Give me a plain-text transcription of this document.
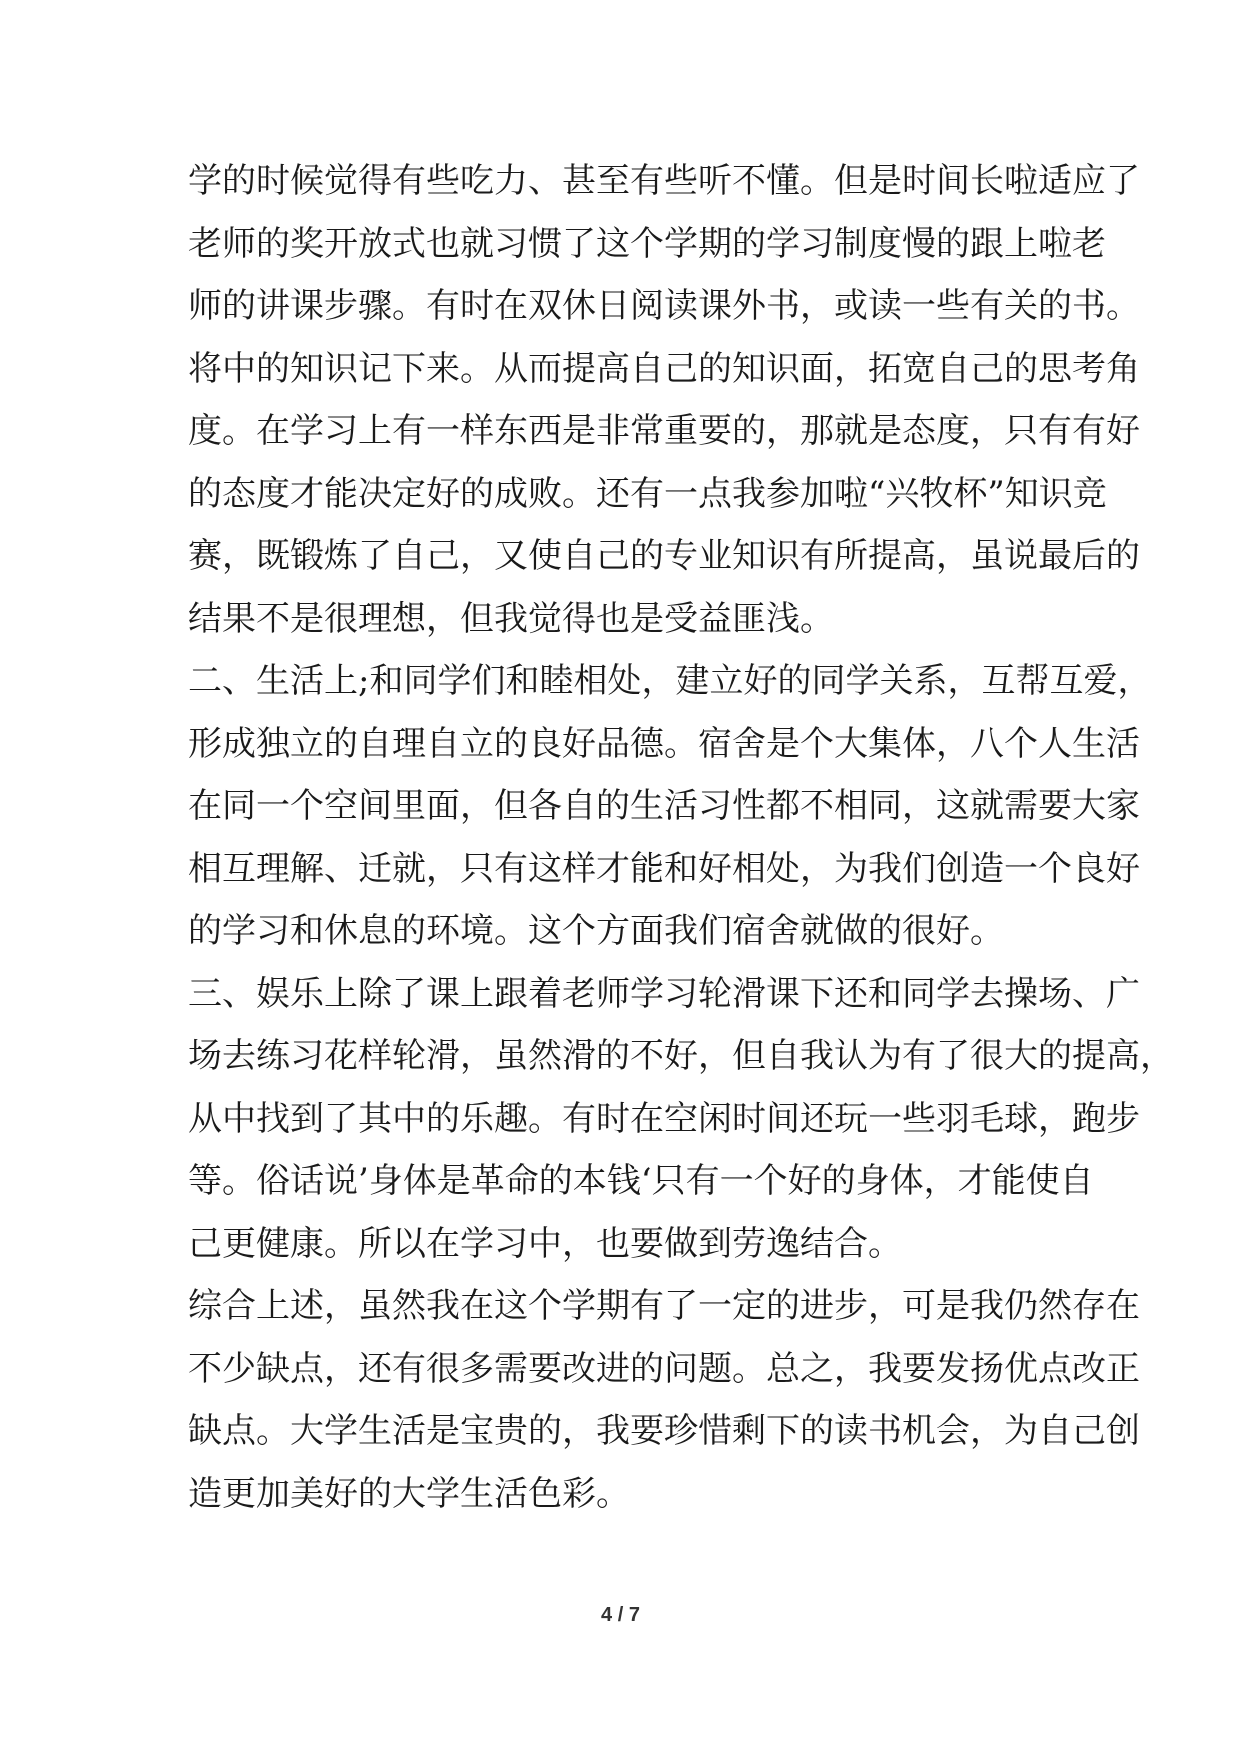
学的时候觉得有些吃力、甚至有些听不懂。但是时间长啦适应了
老师的奖开放式也就习惯了这个学期的学习制度慢的跟上啦老
师的讲课步骤。有时在双休日阅读课外书，或读一些有关的书。
将中的知识记下来。从而提高自己的知识面，拓宽自己的思考角
度。在学习上有一样东西是非常重要的，那就是态度，只有有好
的态度才能决定好的成败。还有一点我参加啦“兴牧杯”知识竞
赛，既锻炼了自己，又使自己的专业知识有所提高，虽说最后的
结果不是很理想，但我觉得也是受益匪浅。
二、生活上;和同学们和睦相处，建立好的同学关系，互帮互爱，
形成独立的自理自立的良好品德。宿舍是个大集体，八个人生活
在同一个空间里面，但各自的生活习性都不相同，这就需要大家
相互理解、迁就，只有这样才能和好相处，为我们创造一个良好
的学习和休息的环境。这个方面我们宿舍就做的很好。
三、娱乐上除了课上跟着老师学习轮滑课下还和同学去操场、广
场去练习花样轮滑，虽然滑的不好，但自我认为有了很大的提高，
从中找到了其中的乐趣。有时在空闲时间还玩一些羽毛球，跑步
等。俗话说’身体是革命的本钱‘只有一个好的身体，才能使自
己更健康。所以在学习中，也要做到劳逸结合。
综合上述，虽然我在这个学期有了一定的进步，可是我仍然存在
不少缺点，还有很多需要改进的问题。总之，我要发扬优点改正
缺点。大学生活是宝贵的，我要珍惜剩下的读书机会，为自己创
造更加美好的大学生活色彩。
4 / 7
